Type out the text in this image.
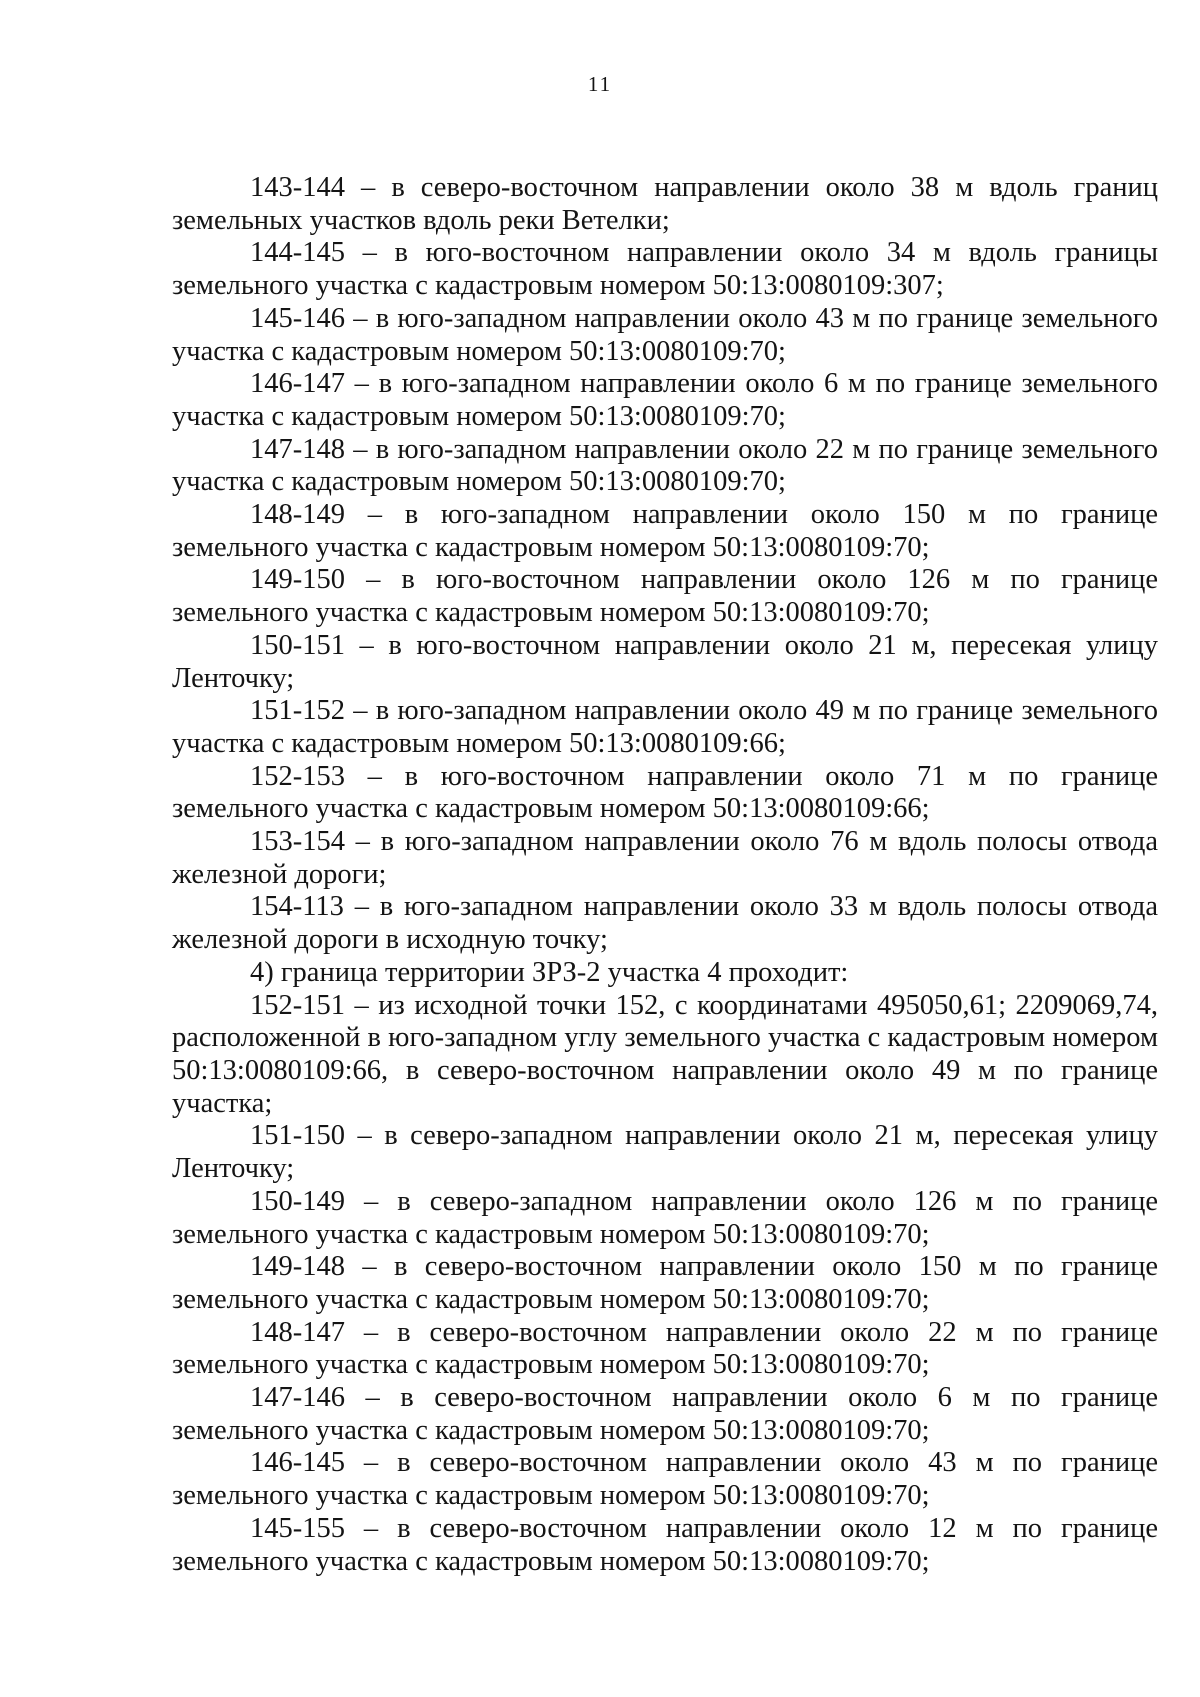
11

143-144 – в северо-восточном направлении около 38 м вдоль границ земельных участков вдоль реки Ветелки;

144-145 – в юго-восточном направлении около 34 м вдоль границы земельного участка с кадастровым номером 50:13:0080109:307;

145-146 – в юго-западном направлении около 43 м по границе земельного участка с кадастровым номером 50:13:0080109:70;

146-147 – в юго-западном направлении около 6 м по границе земельного участка с кадастровым номером 50:13:0080109:70;

147-148 – в юго-западном направлении около 22 м по границе земельного участка с кадастровым номером 50:13:0080109:70;

148-149 – в юго-западном направлении около 150 м по границе земельного участка с кадастровым номером 50:13:0080109:70;

149-150 – в юго-восточном направлении около 126 м по границе земельного участка с кадастровым номером 50:13:0080109:70;

150-151 – в юго-восточном направлении около 21 м, пересекая улицу Ленточку;

151-152 – в юго-западном направлении около 49 м по границе земельного участка с кадастровым номером 50:13:0080109:66;

152-153 – в юго-восточном направлении около 71 м по границе земельного участка с кадастровым номером 50:13:0080109:66;

153-154 – в юго-западном направлении около 76 м вдоль полосы отвода железной дороги;

154-113 – в юго-западном направлении около 33 м вдоль полосы отвода железной дороги в исходную точку;

4) граница территории ЗРЗ-2 участка 4 проходит:

152-151 – из исходной точки 152, с координатами 495050,61; 2209069,74, расположенной в юго-западном углу земельного участка с кадастровым номером 50:13:0080109:66, в северо-восточном направлении около 49 м по границе участка;

151-150 – в северо-западном направлении около 21 м, пересекая улицу Ленточку;

150-149 – в северо-западном направлении около 126 м по границе земельного участка с кадастровым номером 50:13:0080109:70;

149-148 – в северо-восточном направлении около 150 м по границе земельного участка с кадастровым номером 50:13:0080109:70;

148-147 – в северо-восточном направлении около 22 м по границе земельного участка с кадастровым номером 50:13:0080109:70;

147-146 – в северо-восточном направлении около 6 м по границе земельного участка с кадастровым номером 50:13:0080109:70;

146-145 – в северо-восточном направлении около 43 м по границе земельного участка с кадастровым номером 50:13:0080109:70;

145-155 – в северо-восточном направлении около 12 м по границе земельного участка с кадастровым номером 50:13:0080109:70;
